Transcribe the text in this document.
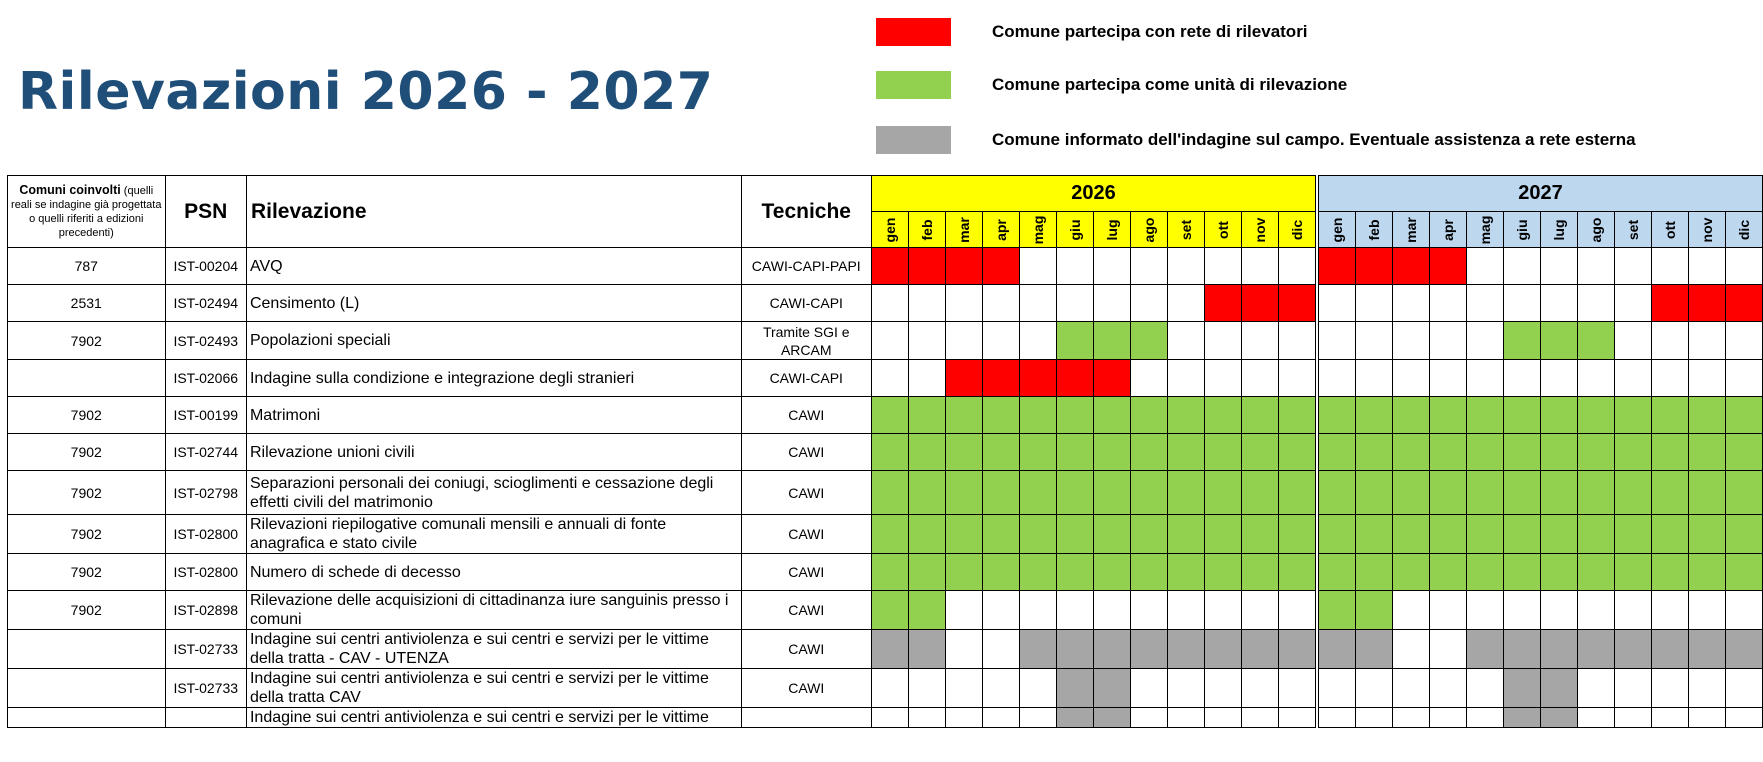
Rilevazioni 2026 - 2027
Comune partecipa con rete di rilevatori
Comune partecipa come unità di rilevazione
Comune informato dell'indagine sul campo. Eventuale assistenza a rete esterna
Comuni coinvolti (quelli reali se indagine già progettata o quelli riferiti a edizioni precedenti)	PSN	Rilevazione	Tecniche	2026												2027											

				gen	feb	mar	apr	mag	giu	lug	ago	set	ott	nov	dic	gen	feb	mar	apr	mag	giu	lug	ago	set	ott	nov	dic

787	IST-00204	AVQ	CAWI-CAPI-PAPI																								
2531	IST-02494	Censimento (L)	CAWI-CAPI																								
7902	IST-02493	Popolazioni speciali	Tramite SGI e ARCAM																								
	IST-02066	Indagine sulla condizione e integrazione degli stranieri	CAWI-CAPI																								
7902	IST-00199	Matrimoni	CAWI																								
7902	IST-02744	Rilevazione unioni civili	CAWI																								
7902	IST-02798	Separazioni personali dei coniugi, scioglimenti e cessazione degli effetti civili del matrimonio	CAWI																								
7902	IST-02800	Rilevazioni riepilogative comunali mensili e annuali di fonte anagrafica e stato civile	CAWI																								
7902	IST-02800	Numero di schede di decesso	CAWI																								
7902	IST-02898	Rilevazione delle acquisizioni di cittadinanza iure sanguinis presso i comuni	CAWI																								
	IST-02733	Indagine sui centri antiviolenza e sui centri e servizi per le vittime della tratta - CAV - UTENZA	CAWI																								
	IST-02733	Indagine sui centri antiviolenza e sui centri e servizi per le vittime della tratta CAV	CAWI																								
		Indagine sui centri antiviolenza e sui centri e servizi per le vittime																									
